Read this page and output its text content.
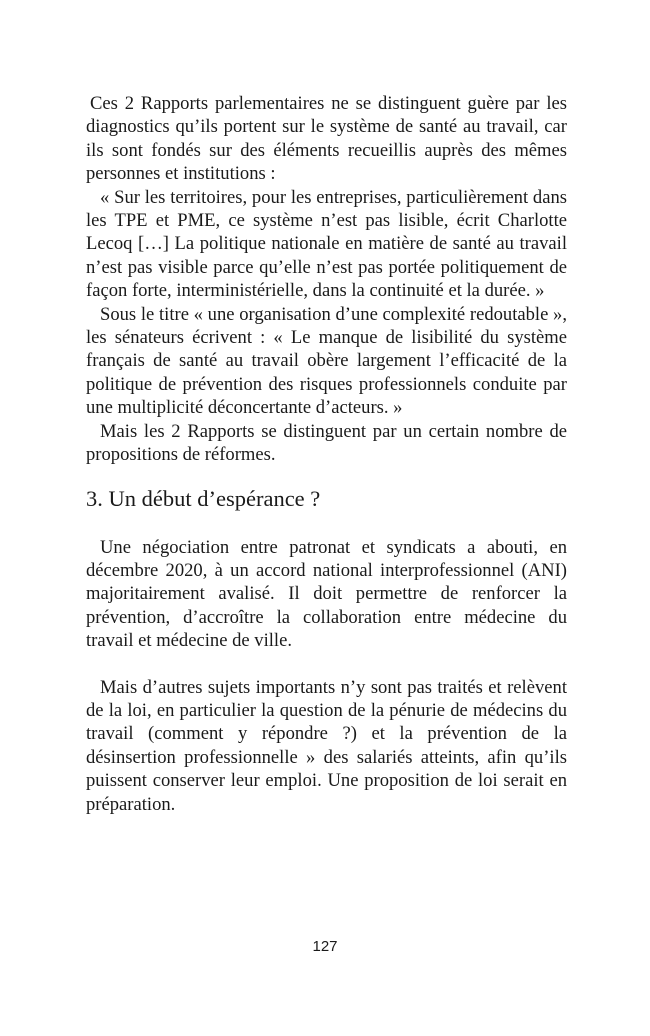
Ces 2 Rapports parlementaires ne se distinguent guère par les diagnostics qu’ils portent sur le système de santé au travail, car ils sont fondés sur des éléments recueillis auprès des mêmes personnes et institutions :

« Sur les territoires, pour les entreprises, particulièrement dans les TPE et PME, ce système n’est pas lisible, écrit Charlotte Lecoq […] La politique nationale en matière de santé au travail n’est pas visible parce qu’elle n’est pas portée politiquement de façon forte, interministérielle, dans la continuité et la durée. »

Sous le titre « une organisation d’une complexité redoutable », les sénateurs écrivent : « Le manque de lisibilité du système français de santé au travail obère largement l’efficacité de la politique de prévention des risques professionnels conduite par une multiplicité déconcertante d’acteurs. »

Mais les 2 Rapports se distinguent par un certain nombre de propositions de réformes.

3. Un début d’espérance ?

Une négociation entre patronat et syndicats a abouti, en décembre 2020, à un accord national interprofessionnel (ANI) majoritairement avalisé. Il doit permettre de renforcer la prévention, d’accroître la collaboration entre médecine du travail et médecine de ville.

Mais d’autres sujets importants n’y sont pas traités et relèvent de la loi, en particulier la question de la pénurie de médecins du travail (comment y répondre ?) et la prévention de la désinsertion professionnelle » des salariés atteints, afin qu’ils puissent conserver leur emploi. Une proposition de loi serait en préparation.

127
